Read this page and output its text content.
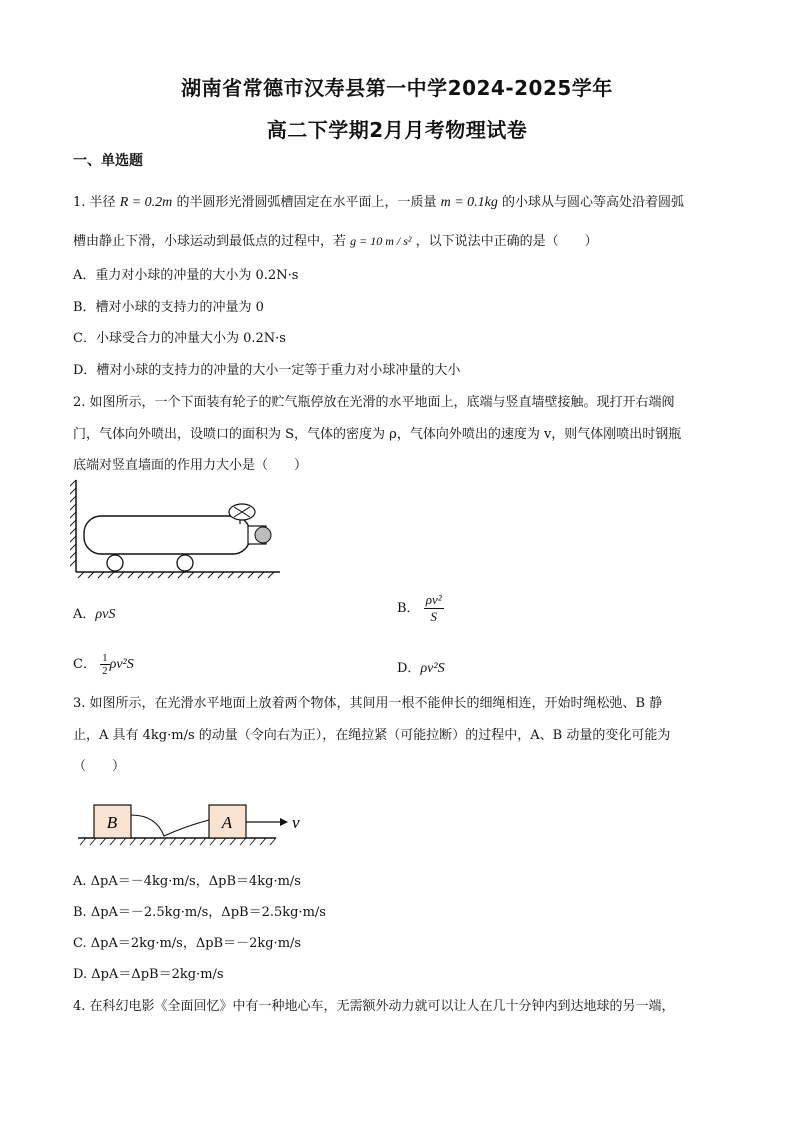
湖南省常德市汉寿县第一中学2024-2025学年
高二下学期2月月考物理试卷
一、单选题
1. 半径 R = 0.2m 的半圆形光滑圆弧槽固定在水平面上，一质量 m = 0.1kg 的小球从与圆心等高处沿着圆弧
槽由静止下滑，小球运动到最低点的过程中，若 g = 10 m / s² ，以下说法中正确的是（　　）
A．重力对小球的冲量的大小为 0.2N·s
B．槽对小球的支持力的冲量为 0
C．小球受合力的冲量大小为 0.2N·s
D．槽对小球的支持力的冲量的大小一定等于重力对小球冲量的大小
2. 如图所示，一个下面装有轮子的贮气瓶停放在光滑的水平地面上，底端与竖直墙壁接触。现打开右端阀
门，气体向外喷出，设喷口的面积为 S，气体的密度为 ρ，气体向外喷出的速度为 v，则气体刚喷出时钢瓶
底端对竖直墙面的作用力大小是（　　）
A．ρvS	B． $\frac{\text{ρv²}}{S}$
C． $\frac{1}{2} \rho v^2S$	D．ρv²S
3. 如图所示，在光滑水平地面上放着两个物体，其间用一根不能伸长的细绳相连，开始时绳松弛、B 静
止，A 具有 4kg·m/s 的动量（令向右为正），在绳拉紧（可能拉断）的过程中，A、B 动量的变化可能为
（　　）
B	A	v
A. ΔpA＝－4kg·m/s，ΔpB＝4kg·m/s
B. ΔpA＝－2.5kg·m/s，ΔpB＝2.5kg·m/s
C. ΔpA＝2kg·m/s，ΔpB＝－2kg·m/s
D. ΔpA＝ΔpB＝2kg·m/s
4. 在科幻电影《全面回忆》中有一种地心车，无需额外动力就可以让人在几十分钟内到达地球的另一端，
